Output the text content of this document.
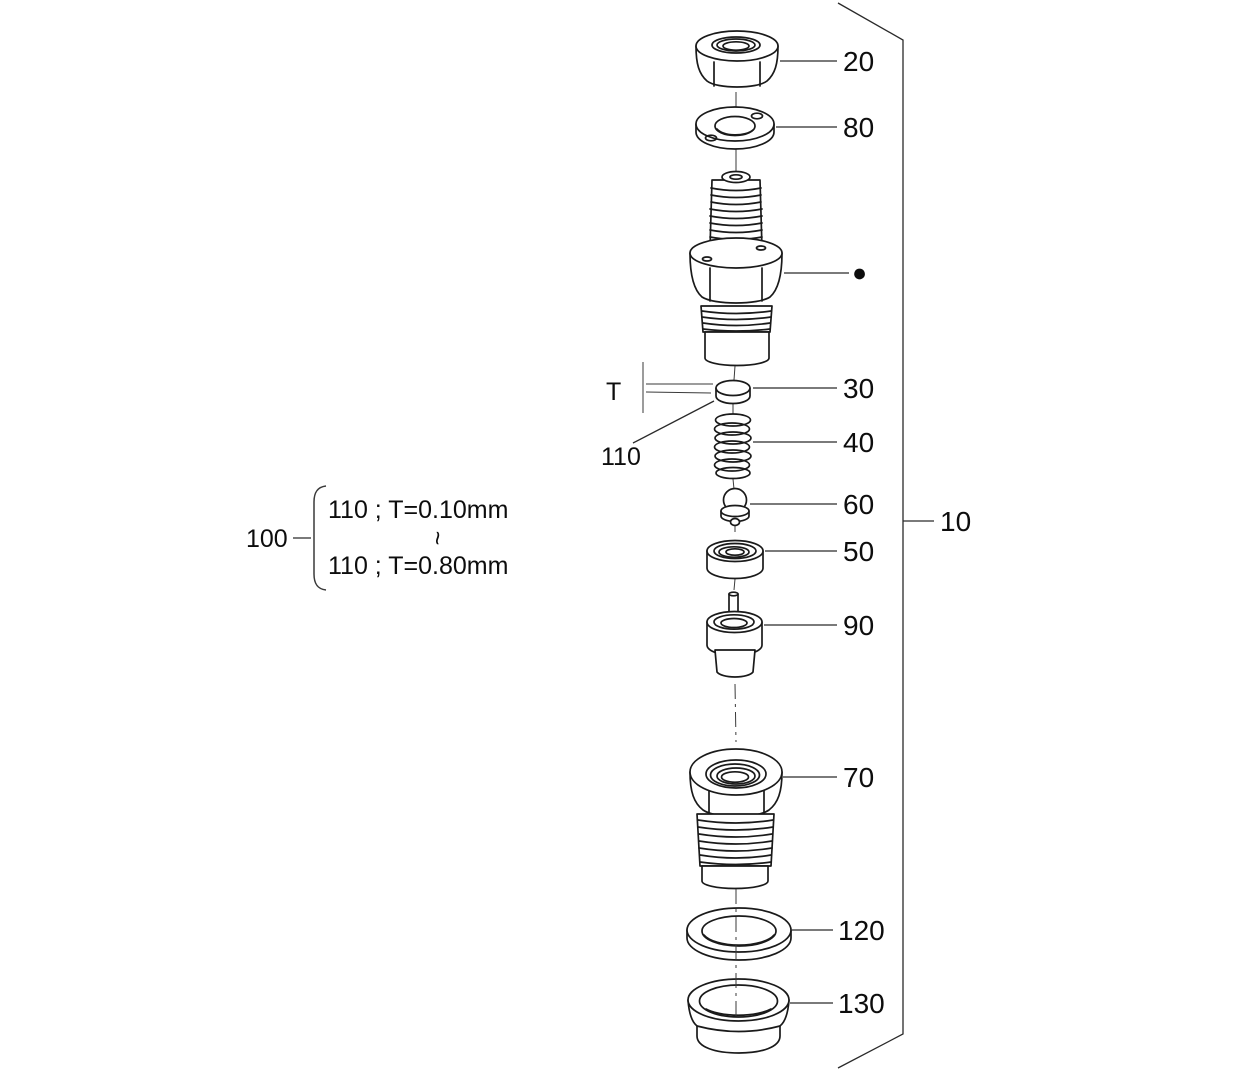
10
T
110
20
80
●
30
40
60
50
90
70
120
130
100
110 ; T=0.10mm
~
110 ; T=0.80mm
